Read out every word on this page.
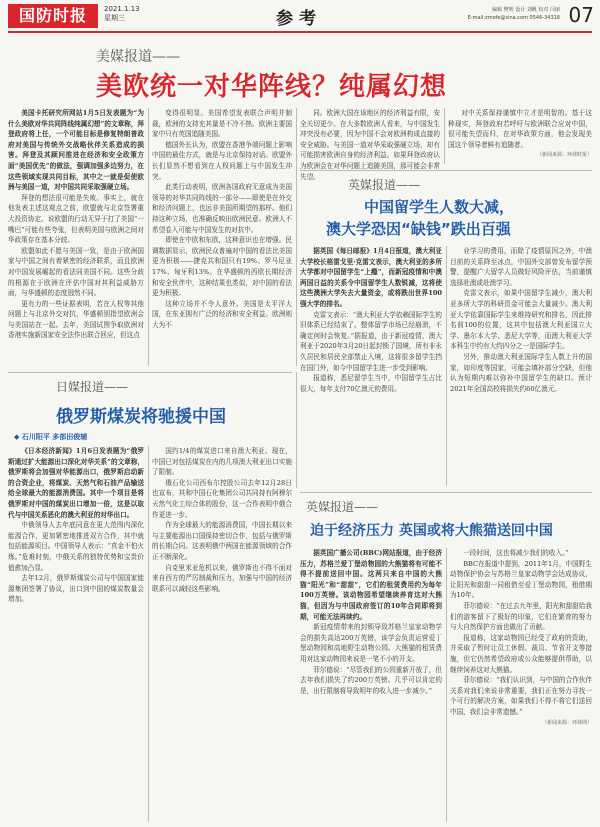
国防时报	2021.1.13
星期三	参考	编辑 樊明 设计 刘帆 校对 闫丽
E-mail:zmofe@sina.com 0546-34318 07
美媒报道——
美欧统一对华阵线？纯属幻想

美国卡托研究所网站1月5日发表题为“为什么美欧对华共同阵线纯属幻想”的文章称，拜登政府将上任，一个可能目标是修复特朗普政府对美国与传统外交战略伙伴关系造成的损害。拜登及其顾问推进在经济和安全政策方面“美国优先”的做法，强调加强多边努力，在这些领域实现共同目标，其中之一就是促使欧洲与美国一道，对中国共同采取强硬立场。

拜登的想法很可能是失败。事实上，就在他发表主述这观点之前，欧盟就与北京签署重大投资协定。说欧盟的行动无异于打了美国“一嘴巴”可能有些夸张，但表明美国与欧洲之间对华政策存在基本分歧。

欧盟如此不愿与美国一致，是由于欧洲国家与中国之间有着紧密的经济联系，而且欧洲对中国发展崛起的看法同美国不同。这些分歧的根源在于欧洲在评估中国对其利益威胁方面，与华盛顿的态度迥然不同。

更有力的一些证据表明，若在人权等其他问题上与北京外交对抗，华盛顿别指望欧洲会与美国站在一起。去年，美国试图争取欧洲对香港实施新国家安全法作出联合回应，但这点

变得很明显。美国希望发表联合声明并制裁，欧洲的支持充其量是不冷不热。欧洲主要国家中只有英国追随美国。

德国外长认为，欧盟在香港争端问题上影响中国的最佳方式，就是与北京保持对话。欧盟外长们显然不想看到在人权问题上与中国发生冲突。

此类行动表明，欧洲各国政府无意成为美国领导的对华共同阵线的一部分——即使是在外交和经济问题上，也远非美国所期望的那样。他们持这种立场，也准确反映出欧洲民意。欧洲人不希望卷入可能与中国发生的对抗中。

即使在中欧和东欧，这种意识也在增强。民调数据显示，欧洲民众普遍对中国的看法比美国更为积极——捷克共和国只有19%、罗马尼亚17%、匈牙利13%。在华盛顿的西欧长期经济和安全伙伴中，这种结果也类似，对中国的看法更为积极。

这种立场并不令人意外。美国是太平洋大国，在东亚拥有广泛的经济和安全利益。欧洲则大为不

同。欧洲大国在该地区的经济利益有限，安全关切更少。在大多数欧洲人看来，与中国发生冲突没有必要，因为中国不会对欧洲构成直接的安全威胁。与美国一道对华采取强硬立场，却有可能损害欧洲自身的经济利益。如果拜登政府认为欧洲会在对华问题上追随美国，那可能会非常失望。

对中关系保持谨慎中立才是明智的。基于这种现实，拜登政府若呼吁与欧洲联合应对中国，很可能失望而归，在对华政策方面，他会发现美国这个领导者鲜有追随者。

（新闻来源：环球时报）
英媒报道——
中国留学生人数大减，
澳大学恐因“缺钱”跌出百强

据英国《每日邮报》1月4日报道，澳大利亚大学校长格雷戈里·克雷文表示，澳大利亚的多所大学都对中国留学生“上瘾”，而新冠疫情和中澳两国日益的关系令中国留学生人数锐减，这将使这些澳洲大学失去大量资金，或将跌出世界100强大学的排名。

克雷文表示：“澳大利亚大学依赖国际学生的旧体系已经结束了。整体留学市场已经崩溃，不确定何时会恢复。”据报道，由于新冠疫情，澳大利亚于2020年3月20日起封锁了国境，所有非永久居民和居民全部禁止入境，这将很多留学生挡在国门外，如今中国留学生进一步受到影响。

报道称，悉尼留学生当中，中国留学生占比很大，每年支付70亿澳元的费用。

业学习的费用，而除了疫情原因之外，中澳目前的关系降至冰点，中国外交部曾发布留学预警，提醒广大留学人员做好风险评估，当前谨慎选择赴澳或赴澳学习。

克雷文表示，如果中国留学生减少，澳大利亚多所大学的科研资金可能会大量减少。澳大利亚大学依靠国际学生来维持研究和排名，因此排名前100的位置，这其中包括澳大利亚国立大学、墨尔本大学、悉尼大学等，而澳大利亚大学本科生中约有大约四分之一是国际学生。

另外，推动澳大利亚国际学生人数上升的国家，如印度等国家，可能会填补部分空缺，但他认为短期内难以弥补中国留学生的缺口。预计2021年全国高校将损失约60亿澳元。

日媒报道——
俄罗斯煤炭将驰援中国
◆ 石川阳平 多部田俊辅

《日本经济新闻》1月6日发表题为“俄罗斯通过扩大能源出口深化对华关系”的文章称，俄罗斯将会加强对华能源出口，俄罗斯启动新的合资企业，将煤炭、天然气和石油产品输送给全球最大的能源消费国。其中一个项目是将俄罗斯对中国的煤炭出口增加一倍，这是以取代与中国关系恶化的澳大利亚的对华出口。

中俄领导人去年底同意在更大范围内深化能源合作，更加紧密地推进双方合作，其中就包括能源项目。中国领导人表示：“真金不怕火炼。”危难时刻，中俄关系的独特优势和宝贵价值愈加凸显。

去年12月，俄罗斯煤炭公司与中国国家能源集团签署了协议，出口到中国的煤炭数量会增加。

国约1/4的煤炭进口来自澳大利亚。现在，中国已对包括煤炭在内的几项澳大利亚出口实施了限制。

俄石化公司西布尔控股公司去年12月28日也宣布，其和中国石化集团公司共同持有阿穆尔天然气化工综合体的股份，这一合作表明中俄合作更进一步。

作为全球最大的能源消费国，中国长期以来与主要能源出口国保持密切合作，包括与俄罗斯的长期合同。这表明俄中两国在能源领域的合作正不断深化。

自克里米亚危机以来，俄罗斯也不得不面对来自西方的严厉制裁和压力，加强与中国的经济联系可以减轻这些影响。

英媒报道——
迫于经济压力 英国或将大熊猫送回中国

据英国广播公司(BBC)网站报道，由于经济压力，苏格兰爱丁堡动物园的大熊猫将有可能不得不提前送回中国。这两只来自中国的大熊猫“阳光”和“甜甜”，它们的租赁费用约为每年100万英镑。该动物园希望继续养育这对大熊猫，但因为与中国政府签订的10年合同即将到期，可能无法再续约。

新冠疫情带来的封锁导致苏格兰皇家动物学会的损失高达200万英镑，该学会负责运营爱丁堡动物园和高地野生动物公园。大熊猫的租赁费用对这家动物园来说是一笔不小的开支。

菲尔德说：“尽管我们的公园重新开放了，但去年我们损失了约200万英镑。几乎可以肯定的是，出行限制将导致明年的收入进一步减少。”

一段时间，这也将减少我们的收入。”

BBC在报道中提到，2011年1月，中国野生动物保护协会与苏格兰皇家动物学会达成协议，让阳光和甜甜一同租借至爱丁堡动物园，租借期为10年。

菲尔德说：“在过去九年里，阳光和甜甜给我们的游客留下了极好的印象，它们在繁育的努力与大自然保护方面也做出了贡献。

报道称，这家动物园已经受了政府的资助，并采取了暂时让员工休假、裁员、节省开支等措施，但它仍然希望政府或公众能够提供帮助，以继续饲养这对大熊猫。

菲尔德说：“我们认识到，与中国的合作伙伴关系对我们来说非常重要，我们正在努力寻找一个可行的解决方案，如果我们不得不将它们送回中国，我们会非常遗憾。”

（新闻来源：环球网）
